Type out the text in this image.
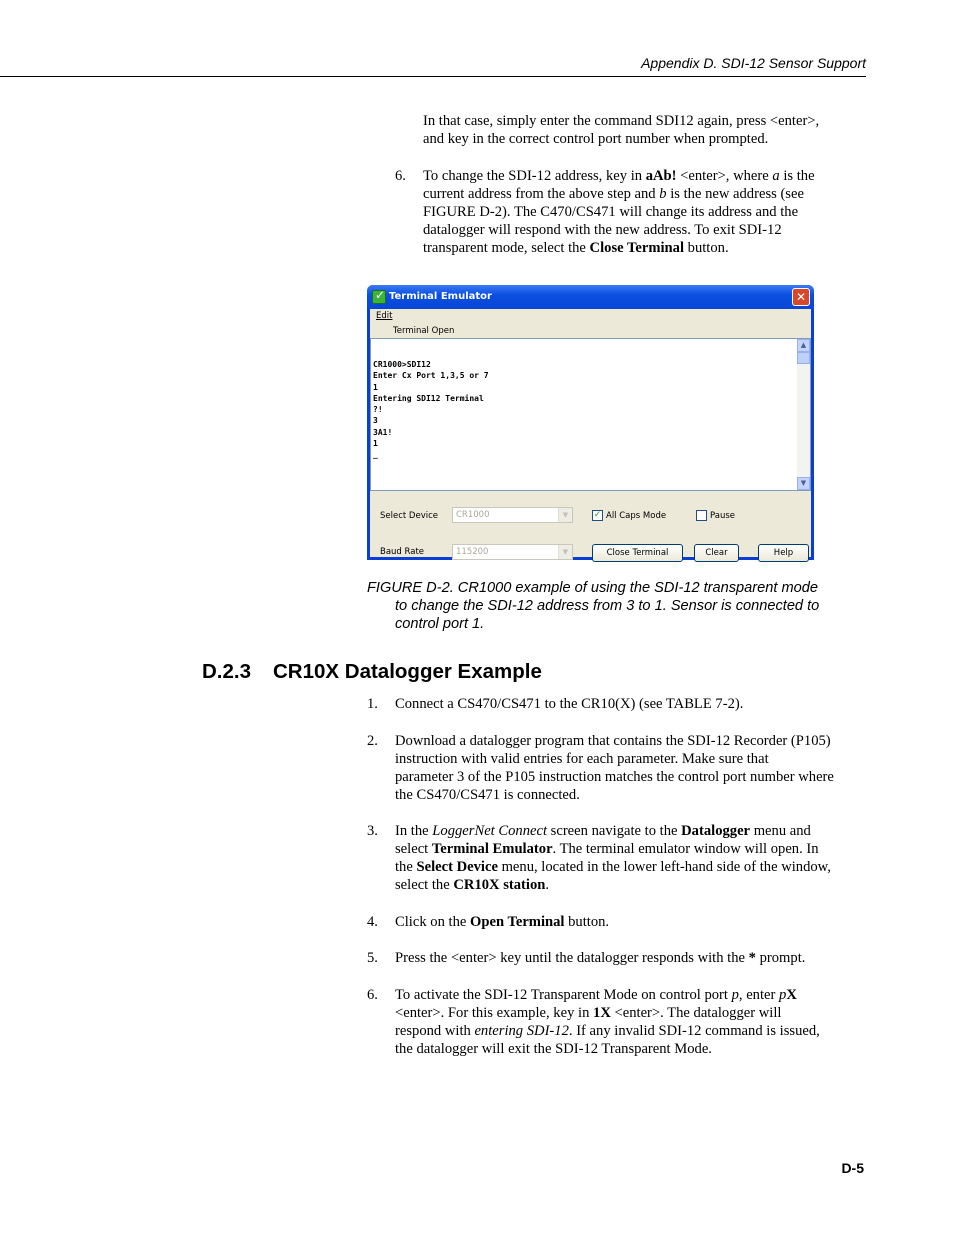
Appendix D. SDI-12 Sensor Support
In that case, simply enter the command SDI12 again, press <enter>,
and key in the correct control port number when prompted.
6.	To change the SDI-12 address, key in aAb! <enter>, where a is the
current address from the above step and b is the new address (see
FIGURE D-2). The C470/CS471 will change its address and the
datalogger will respond with the new address. To exit SDI-12
transparent mode, select the Close Terminal button.
✓ Terminal Emulator	✕
Edit
Terminal Open
CR1000>SDI12
Enter Cx Port 1,3,5 or 7
1
Entering SDI12 Terminal
?!
3
3A1!
1
_
▲
▼
Select Device	CR1000	▼
Baud Rate	115200	▼
✓ All Caps Mode	Pause
Close Terminal	Clear	Help
FIGURE D-2. CR1000 example of using the SDI-12 transparent mode
to change the SDI-12 address from 3 to 1. Sensor is connected to
control port 1.
D.2.3 CR10X Datalogger Example
1.	Connect a CS470/CS471 to the CR10(X) (see TABLE 7-2).
2.	Download a datalogger program that contains the SDI-12 Recorder (P105)
instruction with valid entries for each parameter. Make sure that
parameter 3 of the P105 instruction matches the control port number where
the CS470/CS471 is connected.
3.	In the LoggerNet Connect screen navigate to the Datalogger menu and
select Terminal Emulator. The terminal emulator window will open. In
the Select Device menu, located in the lower left-hand side of the window,
select the CR10X station.
4.	Click on the Open Terminal button.
5.	Press the <enter> key until the datalogger responds with the * prompt.
6.	To activate the SDI-12 Transparent Mode on control port p, enter pX
<enter>. For this example, key in 1X <enter>. The datalogger will
respond with entering SDI-12. If any invalid SDI-12 command is issued,
the datalogger will exit the SDI-12 Transparent Mode.
D-5
